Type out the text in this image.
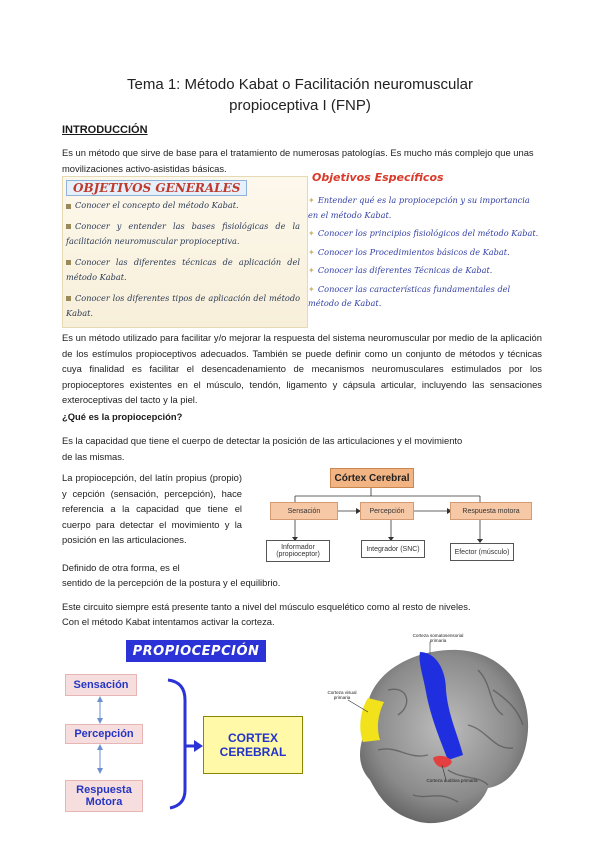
Tema 1: Método Kabat o Facilitación neuromuscular
propioceptiva I (FNP)
INTRODUCCIÓN
Es un método que sirve de base para el tratamiento de numerosas patologías. Es mucho más complejo que unas movilizaciones activo-asistidas básicas.
OBJETIVOS GENERALES
Conocer el concepto del método Kabat.
Conocer y entender las bases fisiológicas de la facilitación neuromuscular propioceptiva.
Conocer las diferentes técnicas de aplicación del método Kabat.
Conocer los diferentes tipos de aplicación del método Kabat.
Objetivos Específicos
✦ Entender qué es la propiocepción y su importancia en el método Kabat.
✦ Conocer los principios fisiológicos del método Kabat.
✦ Conocer los Procedimientos básicos de Kabat.
✦ Conocer las diferentes Técnicas de Kabat.
✦ Conocer las características fundamentales del método de Kabat.
Es un método utilizado para facilitar y/o mejorar la respuesta del sistema neuromuscular por medio de la aplicación de los estímulos propioceptivos adecuados. También se puede definir como un conjunto de métodos y técnicas cuya finalidad es facilitar el desencadenamiento de mecanismos neuromusculares estimulados por los propioceptores existentes en el músculo, tendón, ligamento y cápsula articular, incluyendo las sensaciones exteroceptivas del tacto y la piel.
¿Qué es la propiocepción?
Es la capacidad que tiene el cuerpo de detectar la posición de las articulaciones y el movimiento de las mismas.
La propiocepción, del latín propius (propio) y cepción (sensación, percepción), hace referencia a la capacidad que tiene el cuerpo para detectar el movimiento y la posición en las articulaciones.
Definido de otra forma, es el
sentido de la percepción de la postura y el equilibrio.
Córtex Cerebral
Sensación	Percepción	Respuesta motora
Informador (propioceptor)
Integrador (SNC)	Efector (músculo)
Este circuito siempre está presente tanto a nivel del músculo esquelético como al resto de niveles.
Con el método Kabat intentamos activar la corteza.
PROPIOCEPCIÓN
Sensación
Percepción
Respuesta Motora
CORTEX CEREBRAL
Corteza somatosensorial primaria
Corteza visual primaria
Corteza auditiva primaria
